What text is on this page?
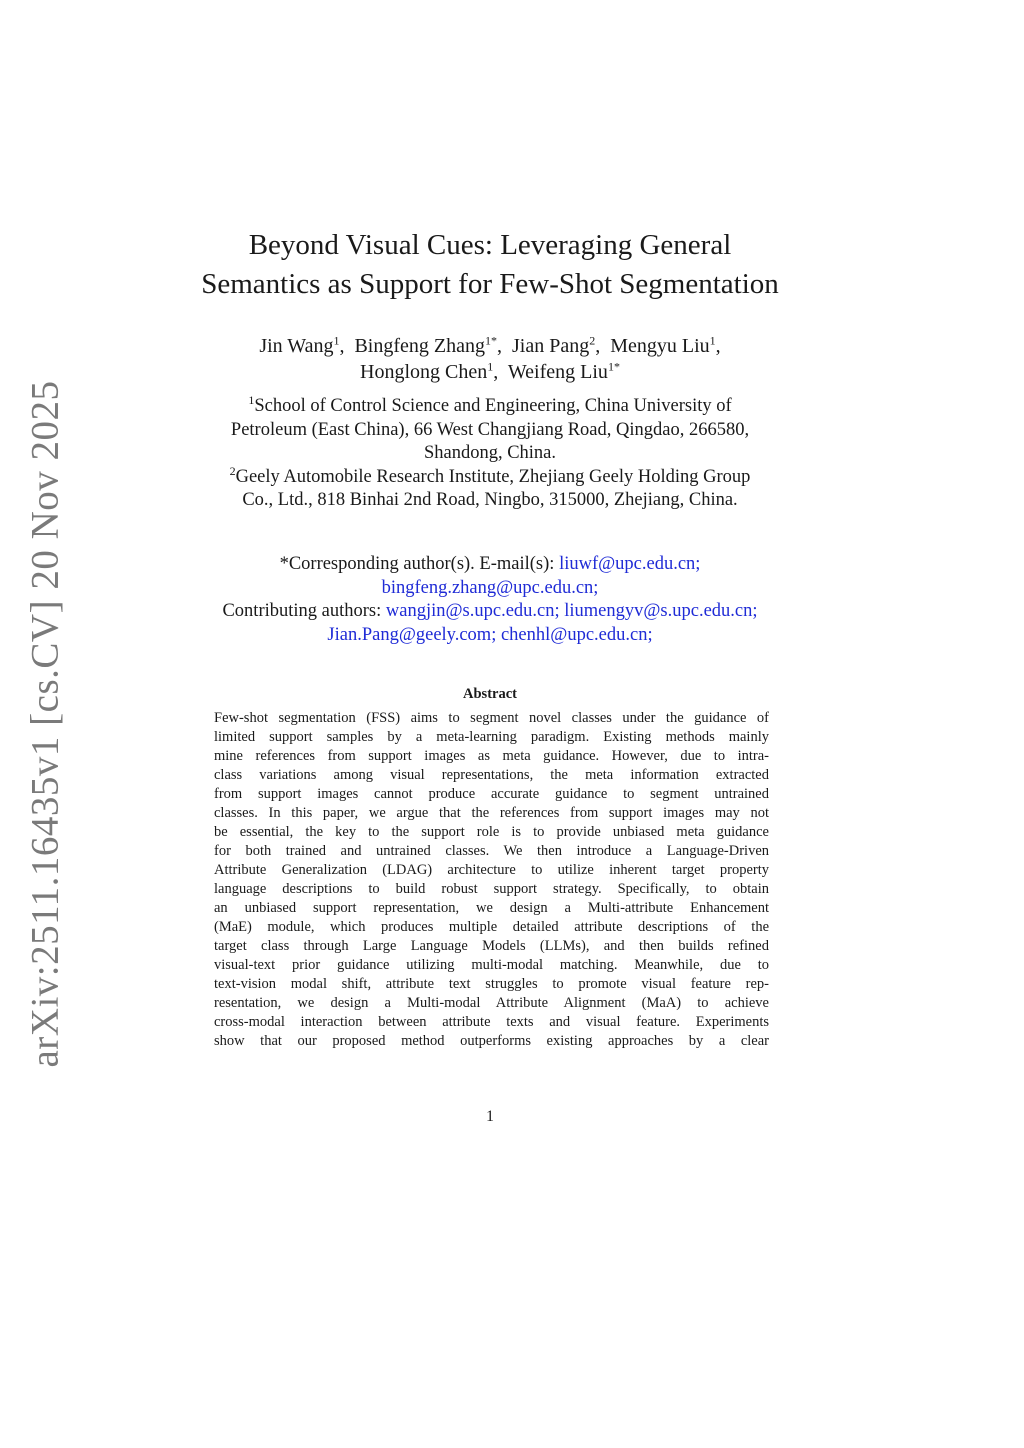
arXiv:2511.16435v1 [cs.CV] 20 Nov 2025
Beyond Visual Cues: Leveraging General
Semantics as Support for Few-Shot Segmentation
Jin Wang$^1$,  Bingfeng Zhang$^{1*}$,  Jian Pang$^2$,  Mengyu Liu$^1$,
Honglong Chen$^1$,  Weifeng Liu$^{1*}$
$^1$School of Control Science and Engineering, China University of
Petroleum (East China), 66 West Changjiang Road, Qingdao, 266580,
Shandong, China.
$^2$Geely Automobile Research Institute, Zhejiang Geely Holding Group
Co., Ltd., 818 Binhai 2nd Road, Ningbo, 315000, Zhejiang, China.
*Corresponding author(s). E-mail(s): liuwf@upc.edu.cn;
bingfeng.zhang@upc.edu.cn;
Contributing authors: wangjin@s.upc.edu.cn; liumengyv@s.upc.edu.cn;
Jian.Pang@geely.com; chenhl@upc.edu.cn;
Abstract
Few-shot segmentation (FSS) aims to segment novel classes under the guidance of
limited support samples by a meta-learning paradigm. Existing methods mainly
mine references from support images as meta guidance. However, due to intra-
class variations among visual representations, the meta information extracted
from support images cannot produce accurate guidance to segment untrained
classes. In this paper, we argue that the references from support images may not
be essential, the key to the support role is to provide unbiased meta guidance
for both trained and untrained classes. We then introduce a Language-Driven
Attribute Generalization (LDAG) architecture to utilize inherent target property
language descriptions to build robust support strategy. Specifically, to obtain
an unbiased support representation, we design a Multi-attribute Enhancement
(MaE) module, which produces multiple detailed attribute descriptions of the
target class through Large Language Models (LLMs), and then builds refined
visual-text prior guidance utilizing multi-modal matching. Meanwhile, due to
text-vision modal shift, attribute text struggles to promote visual feature rep-
resentation, we design a Multi-modal Attribute Alignment (MaA) to achieve
cross-modal interaction between attribute texts and visual feature. Experiments
show that our proposed method outperforms existing approaches by a clear
1
